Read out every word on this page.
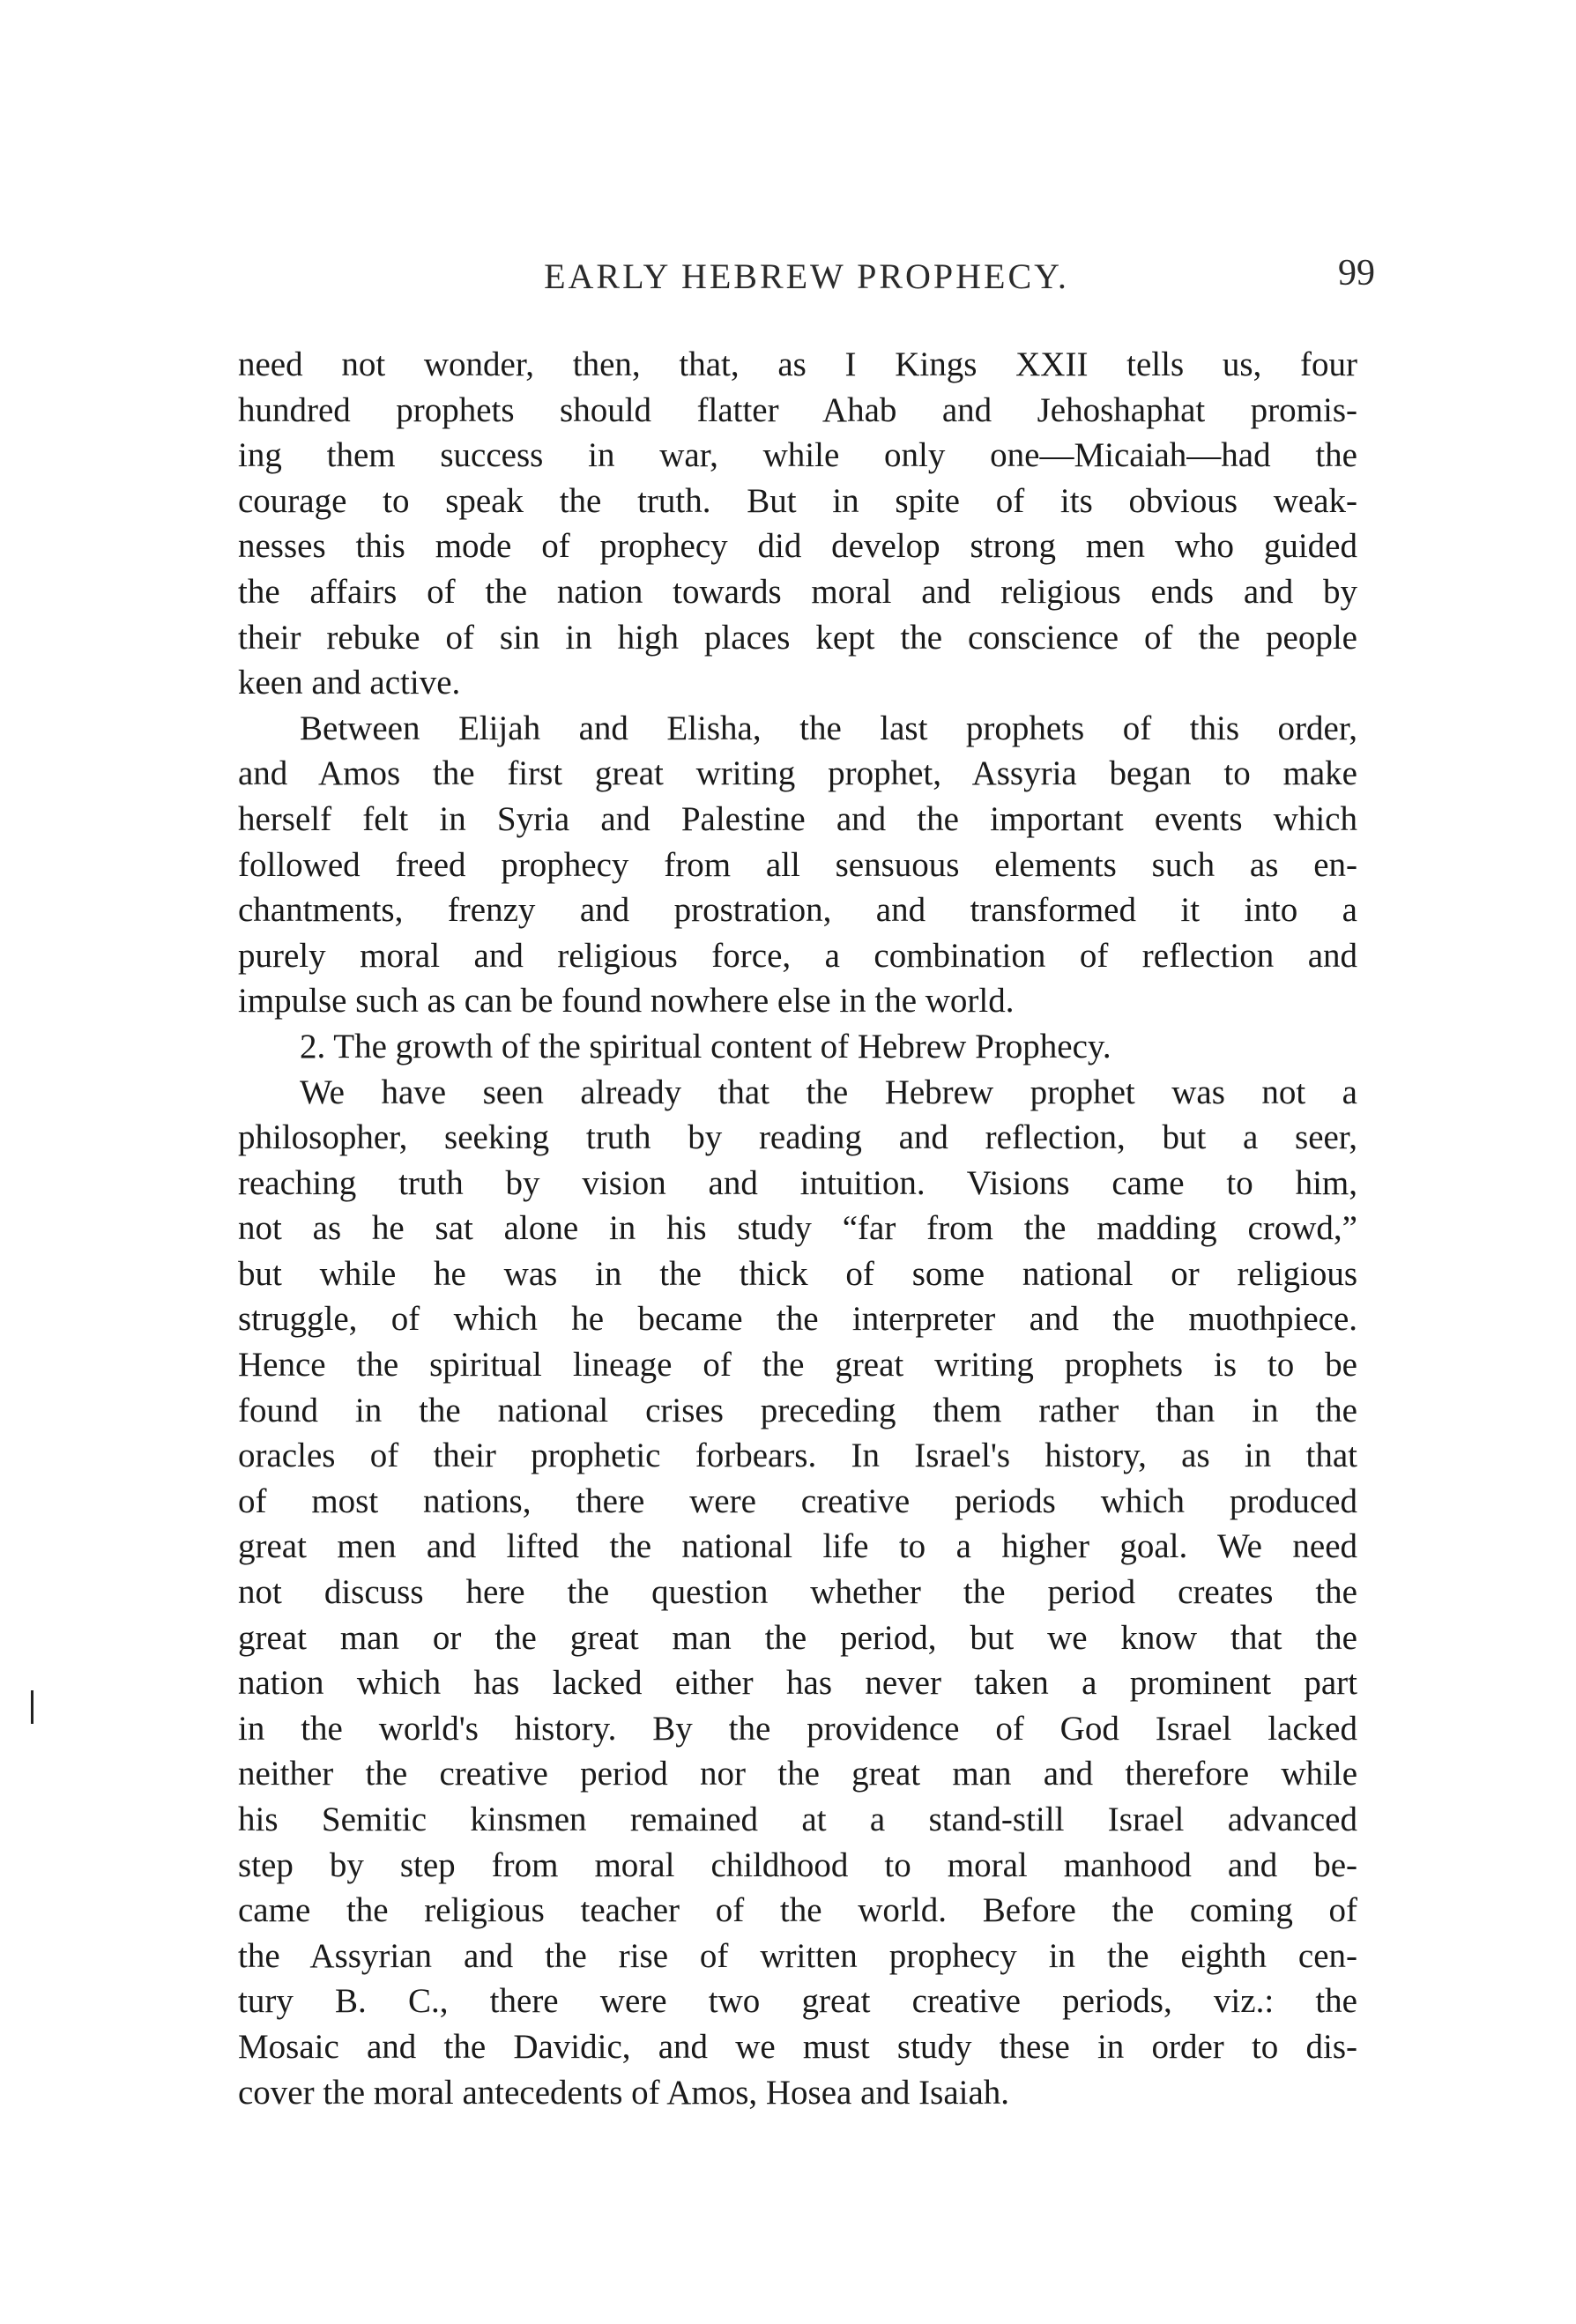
EARLY HEBREW PROPHECY.	99
need not wonder, then, that, as I Kings XXII tells us, four
hundred prophets should flatter Ahab and Jehoshaphat promis-
ing them success in war, while only one—Micaiah—had the
courage to speak the truth. But in spite of its obvious weak-
nesses this mode of prophecy did develop strong men who guided
the affairs of the nation towards moral and religious ends and by
their rebuke of sin in high places kept the conscience of the people
keen and active.
Between Elijah and Elisha, the last prophets of this order,
and Amos the first great writing prophet, Assyria began to make
herself felt in Syria and Palestine and the important events which
followed freed prophecy from all sensuous elements such as en-
chantments, frenzy and prostration, and transformed it into a
purely moral and religious force, a combination of reflection and
impulse such as can be found nowhere else in the world.
2. The growth of the spiritual content of Hebrew Prophecy.
We have seen already that the Hebrew prophet was not a
philosopher, seeking truth by reading and reflection, but a seer,
reaching truth by vision and intuition. Visions came to him,
not as he sat alone in his study “far from the madding crowd,”
but while he was in the thick of some national or religious
struggle, of which he became the interpreter and the muothpiece.
Hence the spiritual lineage of the great writing prophets is to be
found in the national crises preceding them rather than in the
oracles of their prophetic forbears. In Israel's history, as in that
of most nations, there were creative periods which produced
great men and lifted the national life to a higher goal. We need
not discuss here the question whether the period creates the
great man or the great man the period, but we know that the
nation which has lacked either has never taken a prominent part
in the world's history. By the providence of God Israel lacked
neither the creative period nor the great man and therefore while
his Semitic kinsmen remained at a stand-still Israel advanced
step by step from moral childhood to moral manhood and be-
came the religious teacher of the world. Before the coming of
the Assyrian and the rise of written prophecy in the eighth cen-
tury B. C., there were two great creative periods, viz.: the
Mosaic and the Davidic, and we must study these in order to dis-
cover the moral antecedents of Amos, Hosea and Isaiah.
